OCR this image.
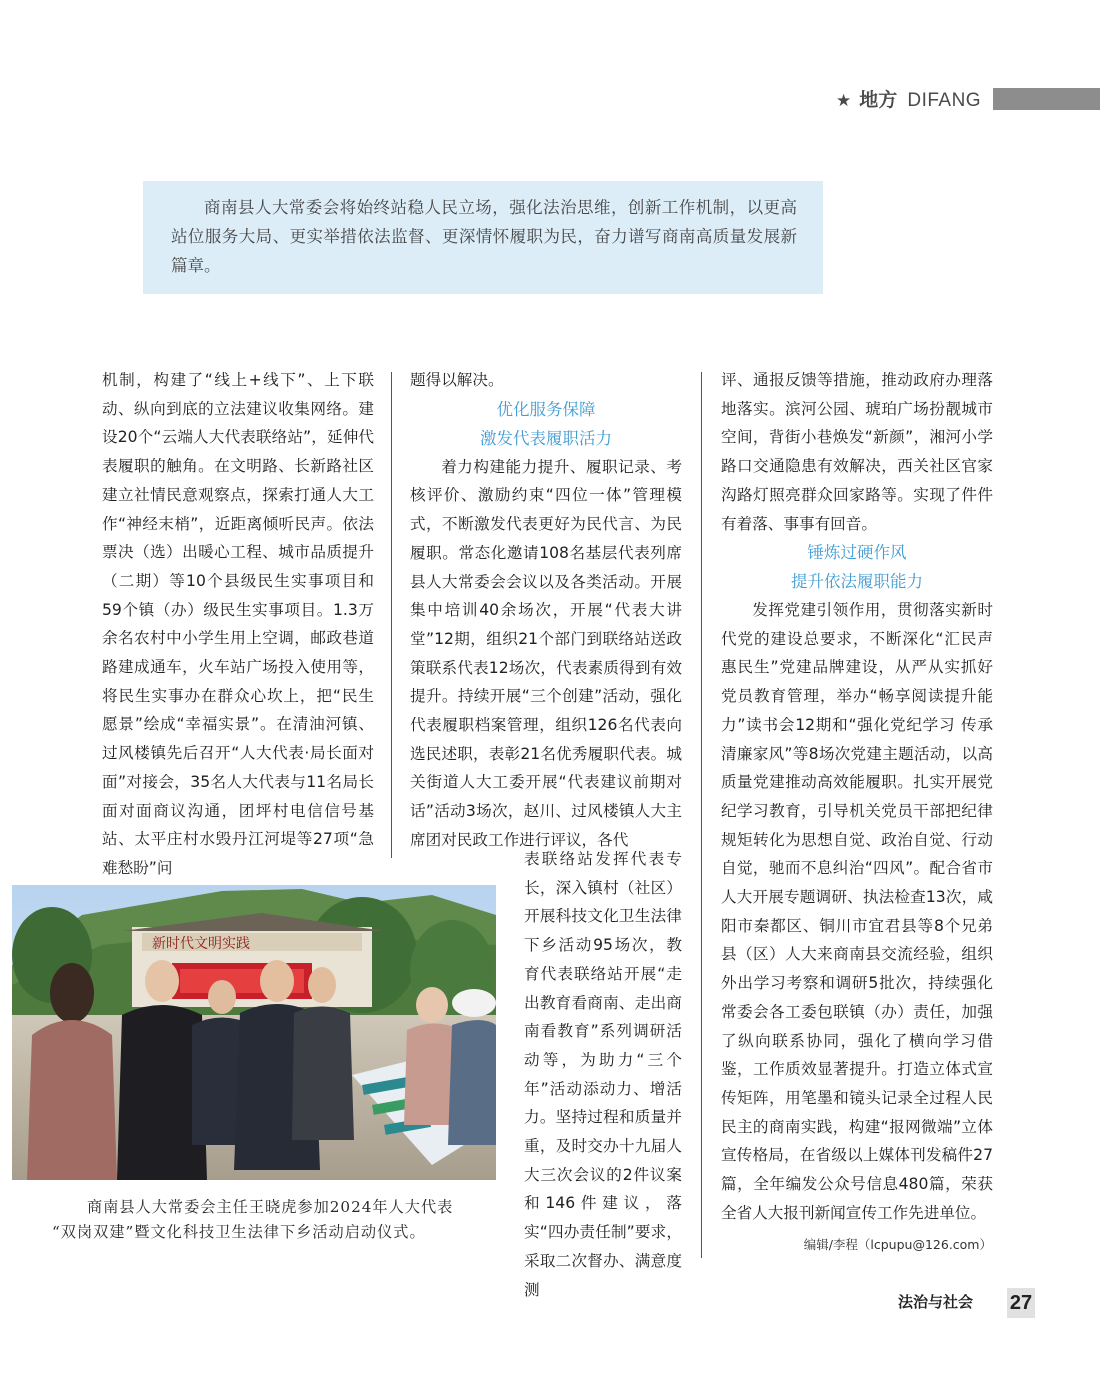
★ 地方 DIFANG

商南县人大常委会将始终站稳人民立场，强化法治思维，创新工作机制，以更高站位服务大局、更实举措依法监督、更深情怀履职为民，奋力谱写商南高质量发展新篇章。

机制，构建了“线上+线下”、上下联动、纵向到底的立法建议收集网络。建设20个“云端人大代表联络站”，延伸代表履职的触角。在文明路、长新路社区建立社情民意观察点，探索打通人大工作“神经末梢”，近距离倾听民声。依法票决（选）出暖心工程、城市品质提升（二期）等10个县级民生实事项目和59个镇（办）级民生实事项目。1.3万余名农村中小学生用上空调，邮政巷道路建成通车，火车站广场投入使用等，将民生实事办在群众心坎上，把“民生愿景”绘成“幸福实景”。在清油河镇、过风楼镇先后召开“人大代表·局长面对面”对接会，35名人大代表与11名局长面对面商议沟通，团坪村电信信号基站、太平庄村水毁丹江河堤等27项“急难愁盼”问

题得以解决。

优化服务保障
激发代表履职活力

着力构建能力提升、履职记录、考核评价、激励约束“四位一体”管理模式，不断激发代表更好为民代言、为民履职。常态化邀请108名基层代表列席县人大常委会会议以及各类活动。开展集中培训40余场次，开展“代表大讲堂”12期，组织21个部门到联络站送政策联系代表12场次，代表素质得到有效提升。持续开展“三个创建”活动，强化代表履职档案管理，组织126名代表向选民述职，表彰21名优秀履职代表。城关街道人大工委开展“代表建议前期对话”活动3场次，赵川、过风楼镇人大主席团对民政工作进行评议，各代

表联络站发挥代表专长，深入镇村（社区）开展科技文化卫生法律下乡活动95场次，教育代表联络站开展“走出教育看商南、走出商南看教育”系列调研活动等，为助力“三个年”活动添动力、增活力。坚持过程和质量并重，及时交办十九届人大三次会议的2件议案和146件建议，落实“四办责任制”要求，采取二次督办、满意度测

评、通报反馈等措施，推动政府办理落地落实。滨河公园、琥珀广场扮靓城市空间，背街小巷焕发“新颜”，湘河小学路口交通隐患有效解决，西关社区官家沟路灯照亮群众回家路等。实现了件件有着落、事事有回音。

锤炼过硬作风
提升依法履职能力

发挥党建引领作用，贯彻落实新时代党的建设总要求，不断深化“汇民声惠民生”党建品牌建设，从严从实抓好党员教育管理，举办“畅享阅读提升能力”读书会12期和“强化党纪学习 传承清廉家风”等8场次党建主题活动，以高质量党建推动高效能履职。扎实开展党纪学习教育，引导机关党员干部把纪律规矩转化为思想自觉、政治自觉、行动自觉，驰而不息纠治“四风”。配合省市人大开展专题调研、执法检查13次，咸阳市秦都区、铜川市宜君县等8个兄弟县（区）人大来商南县交流经验，组织外出学习考察和调研5批次，持续强化常委会各工委包联镇（办）责任，加强了纵向联系协同，强化了横向学习借鉴，工作质效显著提升。打造立体式宣传矩阵，用笔墨和镜头记录全过程人民民主的商南实践，构建“报网微端”立体宣传格局，在省级以上媒体刊发稿件27篇，全年编发公众号信息480篇，荣获全省人大报刊新闻宣传工作先进单位。

新时代文明实践

商南县人大常委会主任王晓虎参加2024年人大代表

“双岗双建”暨文化科技卫生法律下乡活动启动仪式。

编辑/李程（lcpupu@126.com）
法治与社会 27
